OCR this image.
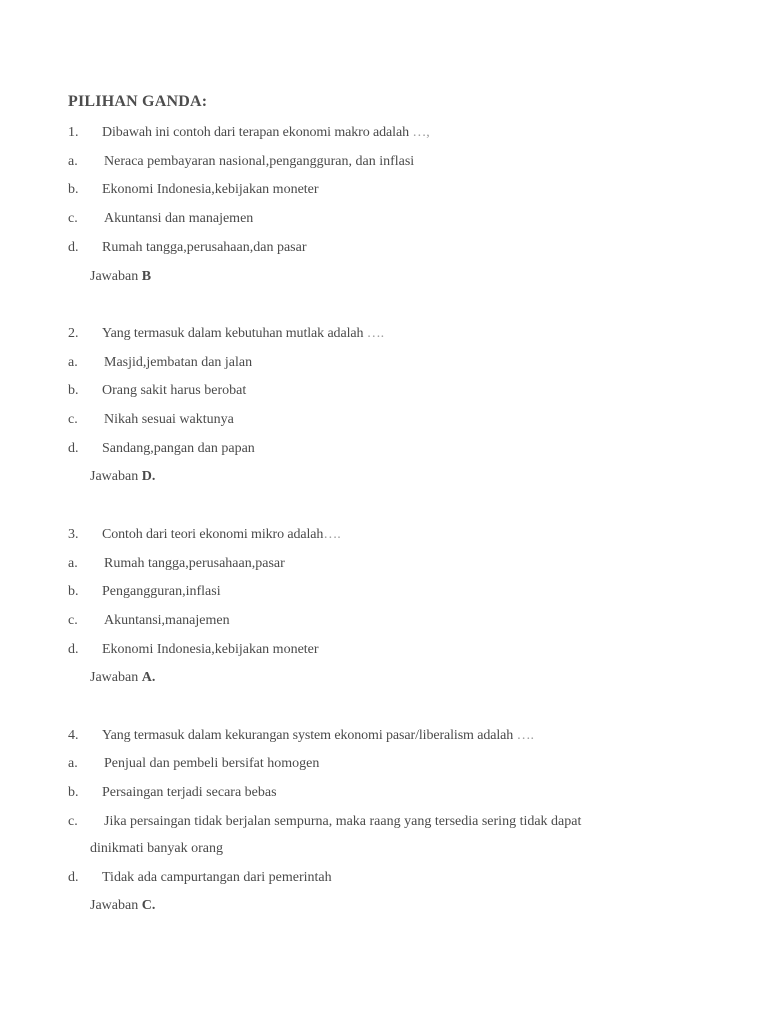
PILIHAN GANDA:
1. Dibawah ini contoh dari terapan ekonomi makro adalah …,
a. Neraca pembayaran nasional,pengangguran, dan inflasi
b. Ekonomi Indonesia,kebijakan moneter
c. Akuntansi dan manajemen
d. Rumah tangga,perusahaan,dan pasar
Jawaban B
2. Yang termasuk dalam kebutuhan mutlak adalah ….
a. Masjid,jembatan dan jalan
b. Orang sakit harus berobat
c. Nikah sesuai waktunya
d. Sandang,pangan dan papan
Jawaban D.
3. Contoh dari teori ekonomi mikro adalah….
a. Rumah tangga,perusahaan,pasar
b. Pengangguran,inflasi
c. Akuntansi,manajemen
d. Ekonomi Indonesia,kebijakan moneter
Jawaban A.
4. Yang termasuk dalam kekurangan system ekonomi pasar/liberalism adalah ….
a. Penjual dan pembeli bersifat homogen
b. Persaingan terjadi secara bebas
c. Jika persaingan tidak berjalan sempurna, maka raang yang tersedia sering tidak dapat
dinikmati banyak orang
d. Tidak ada campurtangan dari pemerintah
Jawaban C.
